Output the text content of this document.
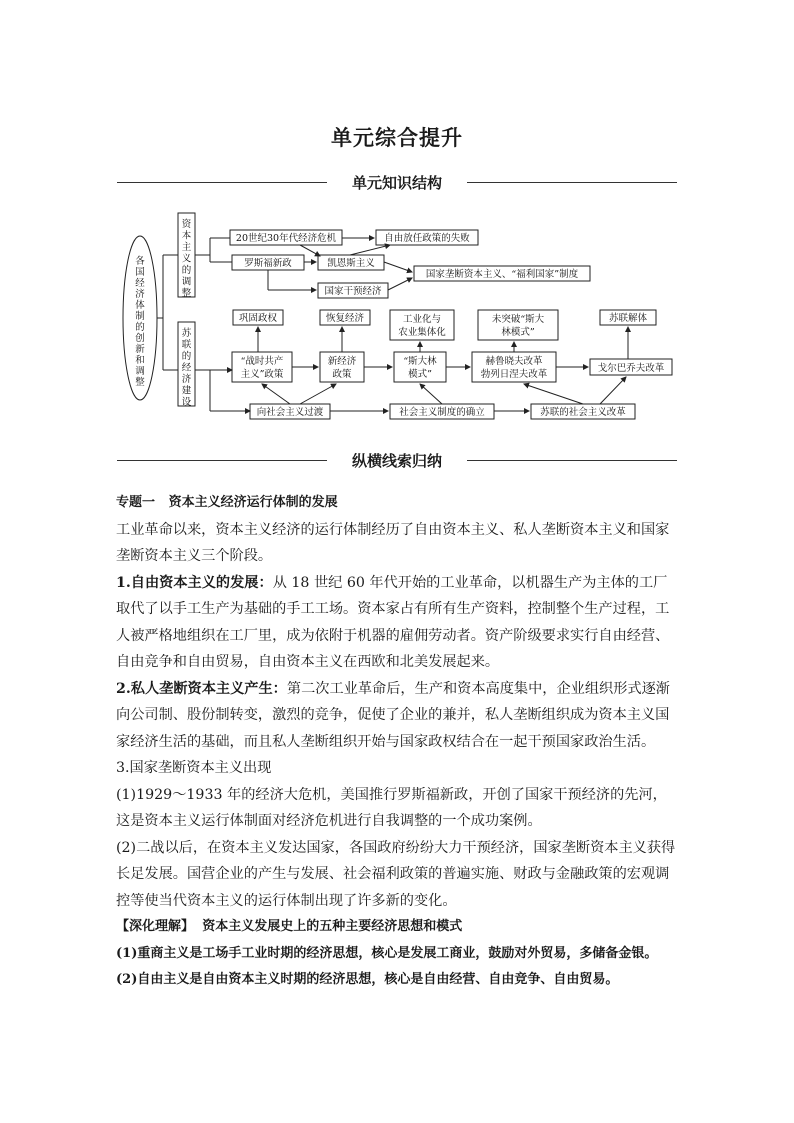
单元综合提升
单元知识结构
各
国
经
济
体
制
的
创
新
和
调
整
资
本
主
义
的
调
整
苏
联
的
经
济
建
设
20世纪30年代经济危机	自由放任政策的失败
罗斯福新政	凯恩斯主义
国家干预经济
国家垄断资本主义、“福利国家”制度
巩固政权	恢复经济	工业化与
农业集体化
未突破“斯大
林模式”
苏联解体
“战时共产
主义”政策
新经济
政策
“斯大林
模式”
赫鲁晓夫改革
勃列日涅夫改革
戈尔巴乔夫改革
向社会主义过渡	社会主义制度的确立	苏联的社会主义改革
纵横线索归纳

专题一 资本主义经济运行体制的发展

工业革命以来，资本主义经济的运行体制经历了自由资本主义、私人垄断资本主义和国家垄断资本主义三个阶段。

1.自由资本主义的发展：从 18 世纪 60 年代开始的工业革命，以机器生产为主体的工厂取代了以手工生产为基础的手工工场。资本家占有所有生产资料，控制整个生产过程，工人被严格地组织在工厂里，成为依附于机器的雇佣劳动者。资产阶级要求实行自由经营、自由竞争和自由贸易，自由资本主义在西欧和北美发展起来。

2.私人垄断资本主义产生：第二次工业革命后，生产和资本高度集中，企业组织形式逐渐向公司制、股份制转变，激烈的竞争，促使了企业的兼并，私人垄断组织成为资本主义国家经济生活的基础，而且私人垄断组织开始与国家政权结合在一起干预国家政治生活。

3.国家垄断资本主义出现

(1)1929～1933 年的经济大危机，美国推行罗斯福新政，开创了国家干预经济的先河，这是资本主义运行体制面对经济危机进行自我调整的一个成功案例。

(2)二战以后，在资本主义发达国家，各国政府纷纷大力干预经济，国家垄断资本主义获得长足发展。国营企业的产生与发展、社会福利政策的普遍实施、财政与金融政策的宏观调控等使当代资本主义的运行体制出现了许多新的变化。

【深化理解】 资本主义发展史上的五种主要经济思想和模式

(1)重商主义是工场手工业时期的经济思想，核心是发展工商业，鼓励对外贸易，多储备金银。

(2)自由主义是自由资本主义时期的经济思想，核心是自由经营、自由竞争、自由贸易。
